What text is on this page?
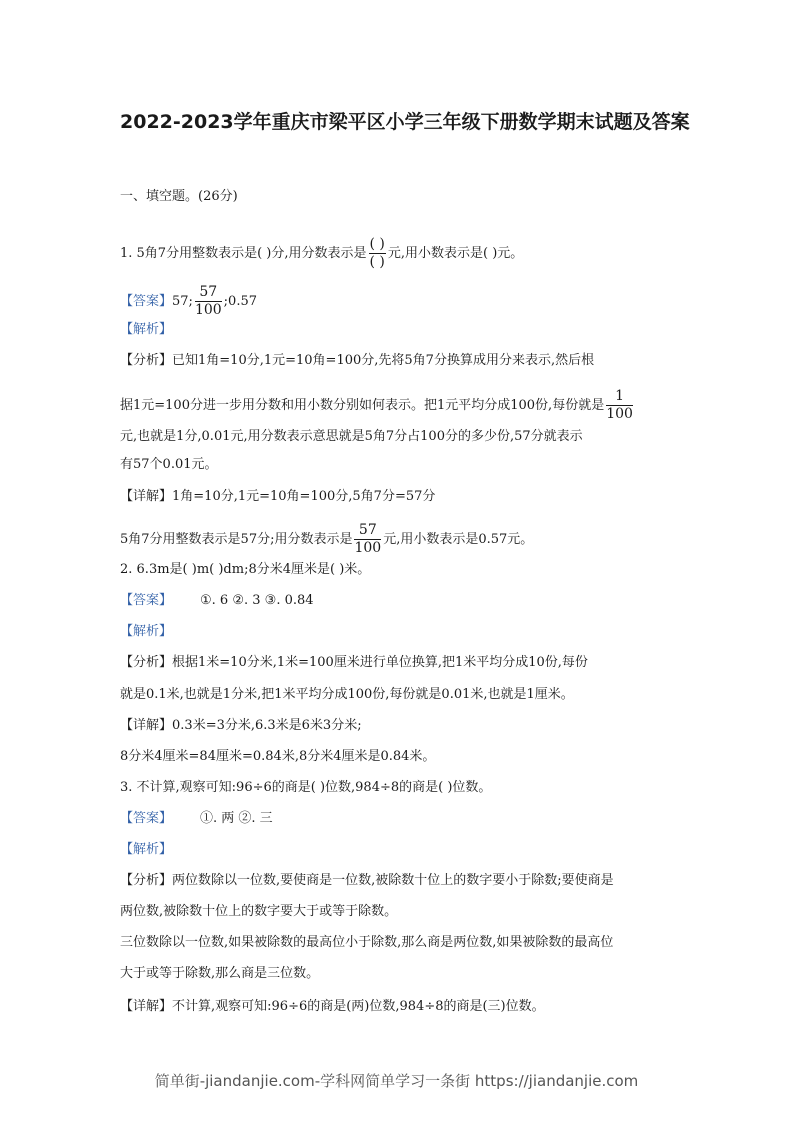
2022-2023学年重庆市梁平区小学三年级下册数学期末试题及答案
一、填空题。(26分)
1. 5角7分用整数表示是( )分,用分数表示是 $\frac{( )}{( )}$ 元,用小数表示是( )元。
【答案】57; $\frac{57}{100}$ ;0.57
【解析】
【分析】已知1角=10分,1元=10角=100分,先将5角7分换算成用分来表示,然后根
据1元=100分进一步用分数和用小数分别如何表示。把1元平均分成100份,每份就是 $\frac{1}{100}$
元,也就是1分,0.01元,用分数表示意思就是5角7分占100分的多少份,57分就表示
有57个0.01元。
【详解】1角=10分,1元=10角=100分,5角7分=57分
5角7分用整数表示是57分;用分数表示是 $\frac{57}{100}$ 元,用小数表示是0.57元。
2. 6.3m是( )m( )dm;8分米4厘米是( )米。
【答案】 ①. 6 ②. 3 ③. 0.84
【解析】
【分析】根据1米=10分米,1米=100厘米进行单位换算,把1米平均分成10份,每份
就是0.1米,也就是1分米,把1米平均分成100份,每份就是0.01米,也就是1厘米。
【详解】0.3米=3分米,6.3米是6米3分米;
8分米4厘米=84厘米=0.84米,8分米4厘米是0.84米。
3. 不计算,观察可知:96÷6的商是( )位数,984÷8的商是( )位数。
【答案】 ①. 两 ②. 三
【解析】
【分析】两位数除以一位数,要使商是一位数,被除数十位上的数字要小于除数;要使商是
两位数,被除数十位上的数字要大于或等于除数。
三位数除以一位数,如果被除数的最高位小于除数,那么商是两位数,如果被除数的最高位
大于或等于除数,那么商是三位数。
【详解】不计算,观察可知:96÷6的商是(两)位数,984÷8的商是(三)位数。
简单街-jiandanjie.com-学科网简单学习一条街 https://jiandanjie.com
